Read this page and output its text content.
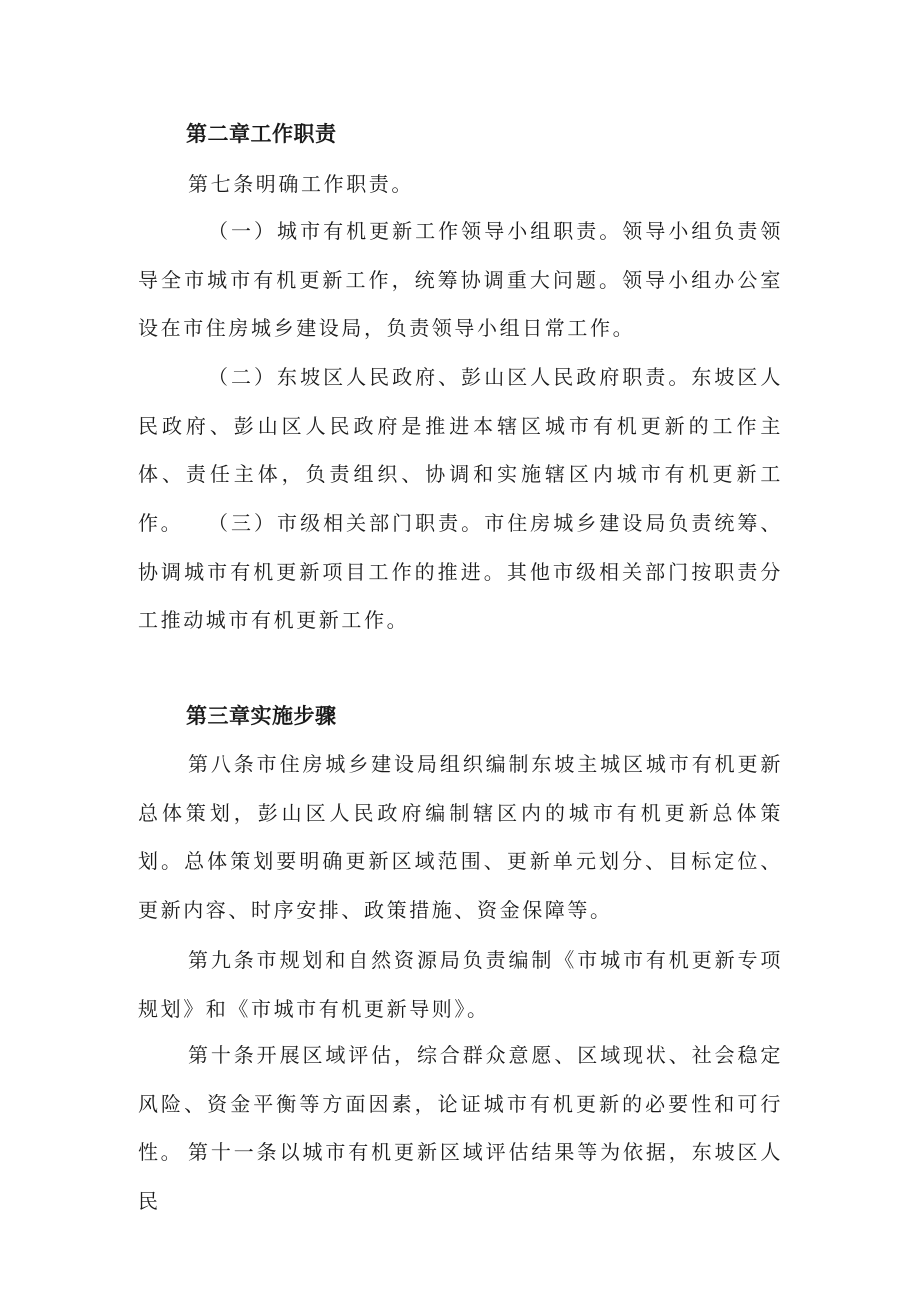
第二章工作职责

第七条明确工作职责。

（一）城市有机更新工作领导小组职责。领导小组负责领导全市城市有机更新工作，统筹协调重大问题。领导小组办公室设在市住房城乡建设局，负责领导小组日常工作。

（二）东坡区人民政府、彭山区人民政府职责。东坡区人民政府、彭山区人民政府是推进本辖区城市有机更新的工作主体、责任主体，负责组织、协调和实施辖区内城市有机更新工作。	（三）市级相关部门职责。市住房城乡建设局负责统筹、协调城市有机更新项目工作的推进。其他市级相关部门按职责分工推动城市有机更新工作。

第三章实施步骤

第八条市住房城乡建设局组织编制东坡主城区城市有机更新总体策划，彭山区人民政府编制辖区内的城市有机更新总体策划。总体策划要明确更新区域范围、更新单元划分、目标定位、更新内容、时序安排、政策措施、资金保障等。

第九条市规划和自然资源局负责编制《市城市有机更新专项规划》和《市城市有机更新导则》。

第十条开展区域评估，综合群众意愿、区域现状、社会稳定风险、资金平衡等方面因素，论证城市有机更新的必要性和可行性。 第十一条以城市有机更新区域评估结果等为依据，东坡区人民
